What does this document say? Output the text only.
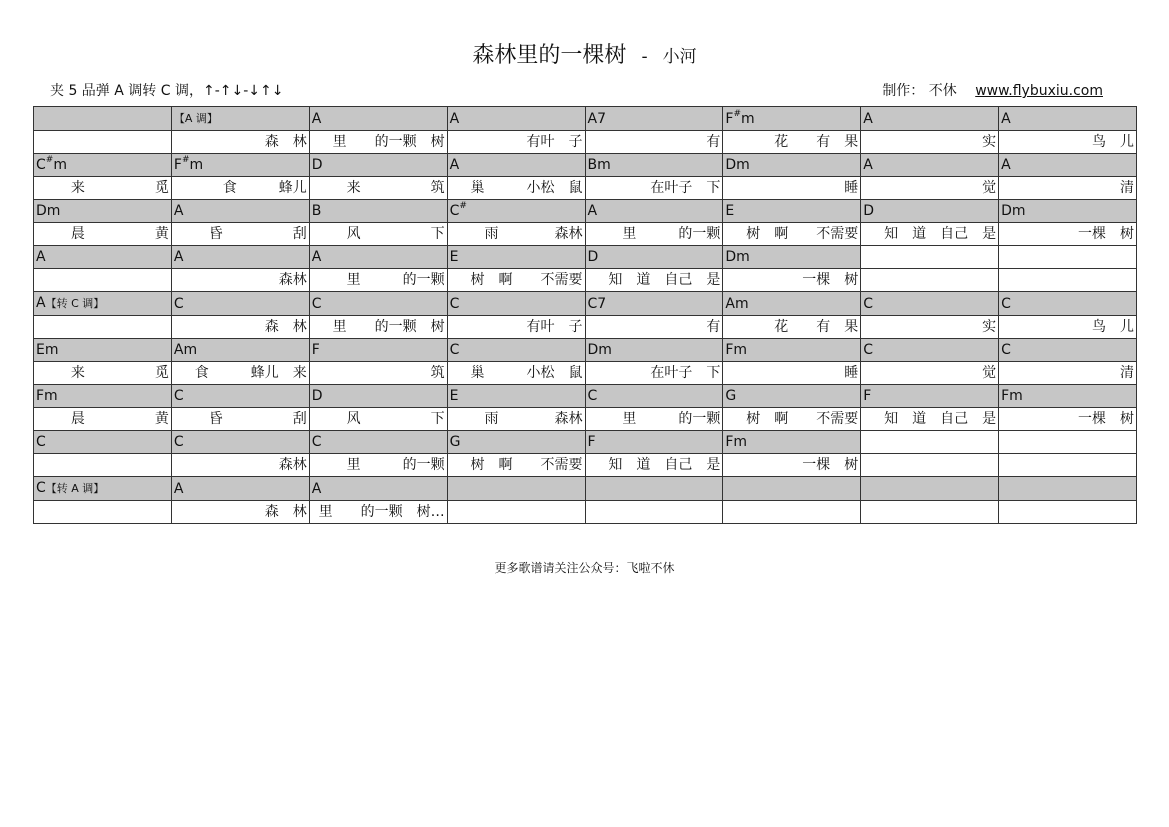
森林里的一棵树 - 小河
夹 5 品弹 A 调转 C 调，↑-↑↓-↓↑↓	制作： 不休 www.flybuxiu.com
	【A 调】	A	A	A7	F#m	A	A
	森　林	里　　的一颗　树	有叶　子	有	花　　有　果	实	鸟　儿
C#m	F#m	D	A	Bm	Dm	A	A
来　　　　　觅	食　　　蜂儿	来　　　　　筑	巢　　　小松　鼠	在叶子　下	睡	觉	清
Dm	A	B	C#	A	E	D	Dm
晨　　　　　黄	昏　　　　　刮	风　　　　　下	雨　　　　森林	里　　　的一颗	树　啊　　不需要	知　道　自己　是	一棵　树
A	A	A	E	D	Dm		
	森林	里　　　的一颗	树　啊　　不需要	知　道　自己　是	一棵　树		
A【转 C 调】	C	C	C	C7	Am	C	C
	森　林	里　　的一颗　树	有叶　子	有	花　　有　果	实	鸟　儿
Em	Am	F	C	Dm	Fm	C	C
来　　　　　觅	食　　　蜂儿　来	筑	巢　　　小松　鼠	在叶子　下	睡	觉	清
Fm	C	D	E	C	G	F	Fm
晨　　　　　黄	昏　　　　　刮	风　　　　　下	雨　　　　森林	里　　　的一颗	树　啊　　不需要	知　道　自己　是	一棵　树
C	C	C	G	F	Fm		
	森林	里　　　的一颗	树　啊　　不需要	知　道　自己　是	一棵　树		
C【转 A 调】	A	A					
	森　林	里　　的一颗　树…					
更多歌谱请关注公众号：飞啦不休
